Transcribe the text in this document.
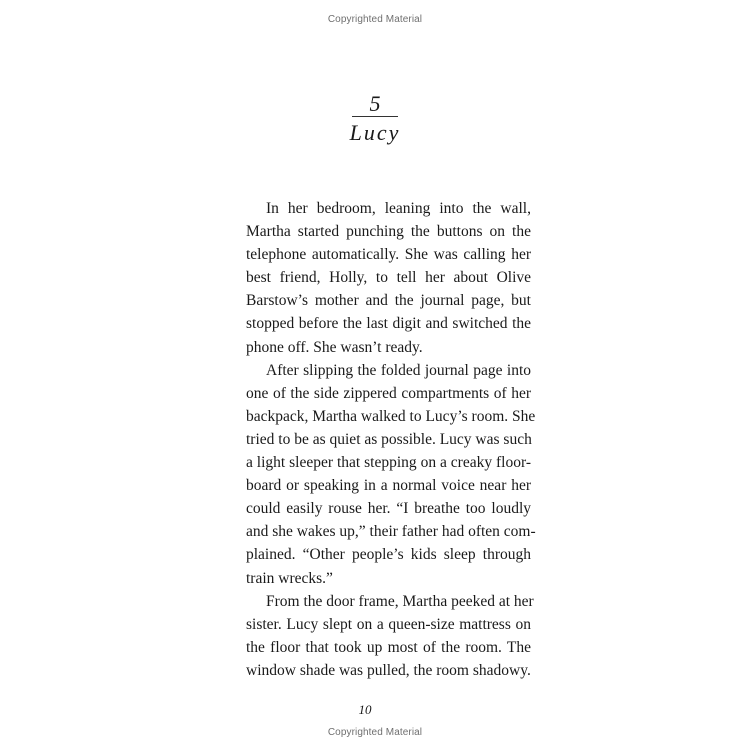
Copyrighted Material
5
Lucy

In her bedroom, leaning into the wall,
Martha started punching the buttons on the
telephone automatically. She was calling her
best friend, Holly, to tell her about Olive
Barstow’s mother and the journal page, but
stopped before the last digit and switched the
phone off. She wasn’t ready.

After slipping the folded journal page into
one of the side zippered compartments of her
backpack, Martha walked to Lucy’s room. She
tried to be as quiet as possible. Lucy was such
a light sleeper that stepping on a creaky floor-
board or speaking in a normal voice near her
could easily rouse her. “I breathe too loudly
and she wakes up,” their father had often com-
plained. “Other people’s kids sleep through
train wrecks.”

From the door frame, Martha peeked at her
sister. Lucy slept on a queen-size mattress on
the floor that took up most of the room. The
window shade was pulled, the room shadowy.

10
Copyrighted Material
